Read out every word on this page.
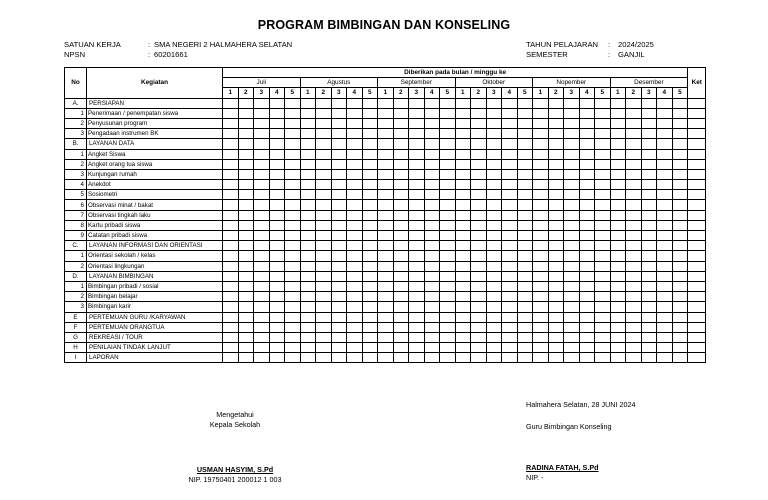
PROGRAM BIMBINGAN DAN KONSELING
SATUAN KERJA	: SMA NEGERI 2 HALMAHERA SELATAN
NPSN	: 60201661
TAHUN PELAJARAN : 2024/2025
SEMESTER	: GANJIL
No	Kegiatan	Diberikan pada bulan / minggu ke																														Ket
		Juli					Agustus					September					Oktober					Nopember					Desember					
		1	2	3	4	5	1	2	3	4	5	1	2	3	4	5	1	2	3	4	5	1	2	3	4	5	1	2	3	4	5	
A.	PERSIAPAN																															
1	Penerimaan / penempatan siswa																															
2	Penyusunan program																															
3	Pengadaan instrumen BK																															
B.	LAYANAN DATA																															
1	Angket Siswa																															
2	Angket orang tua siswa																															
3	Kunjungan rumah																															
4	Anekdot																															
5	Sosiometri																															
6	Observasi minat / bakat																															
7	Observasi tingkah laku																															
8	Kartu pribadi siswa																															
9	Catatan pribadi siswa																															
C.	LAYANAN INFORMASI DAN ORIENTASI																															
1	Orientasi sekolah / kelas																															
2	Orientasi lingkungan																															
D.	LAYANAN BIMBINGAN																															
1	Bimbingan pribadi / sosial																															
2	Bimbingan belajar																															
3	Bimbingan karir																															
E	PERTEMUAN GURU /KARYAWAN																															
F	PERTEMUAN ORANGTUA																															
G	REKREASI / TOUR																															
H	PENILAIAN TINDAK LANJUT																															
I	LAPORAN																															
Mengetahui
Kepala Sekolah
USMAN HASYIM, S.Pd
NIP. 19750401 200012 1 003
Halmahera Selatan, 28 JUNI 2024
Guru Bimbingan Konseling
RADINA FATAH, S.Pd
NIP. -
